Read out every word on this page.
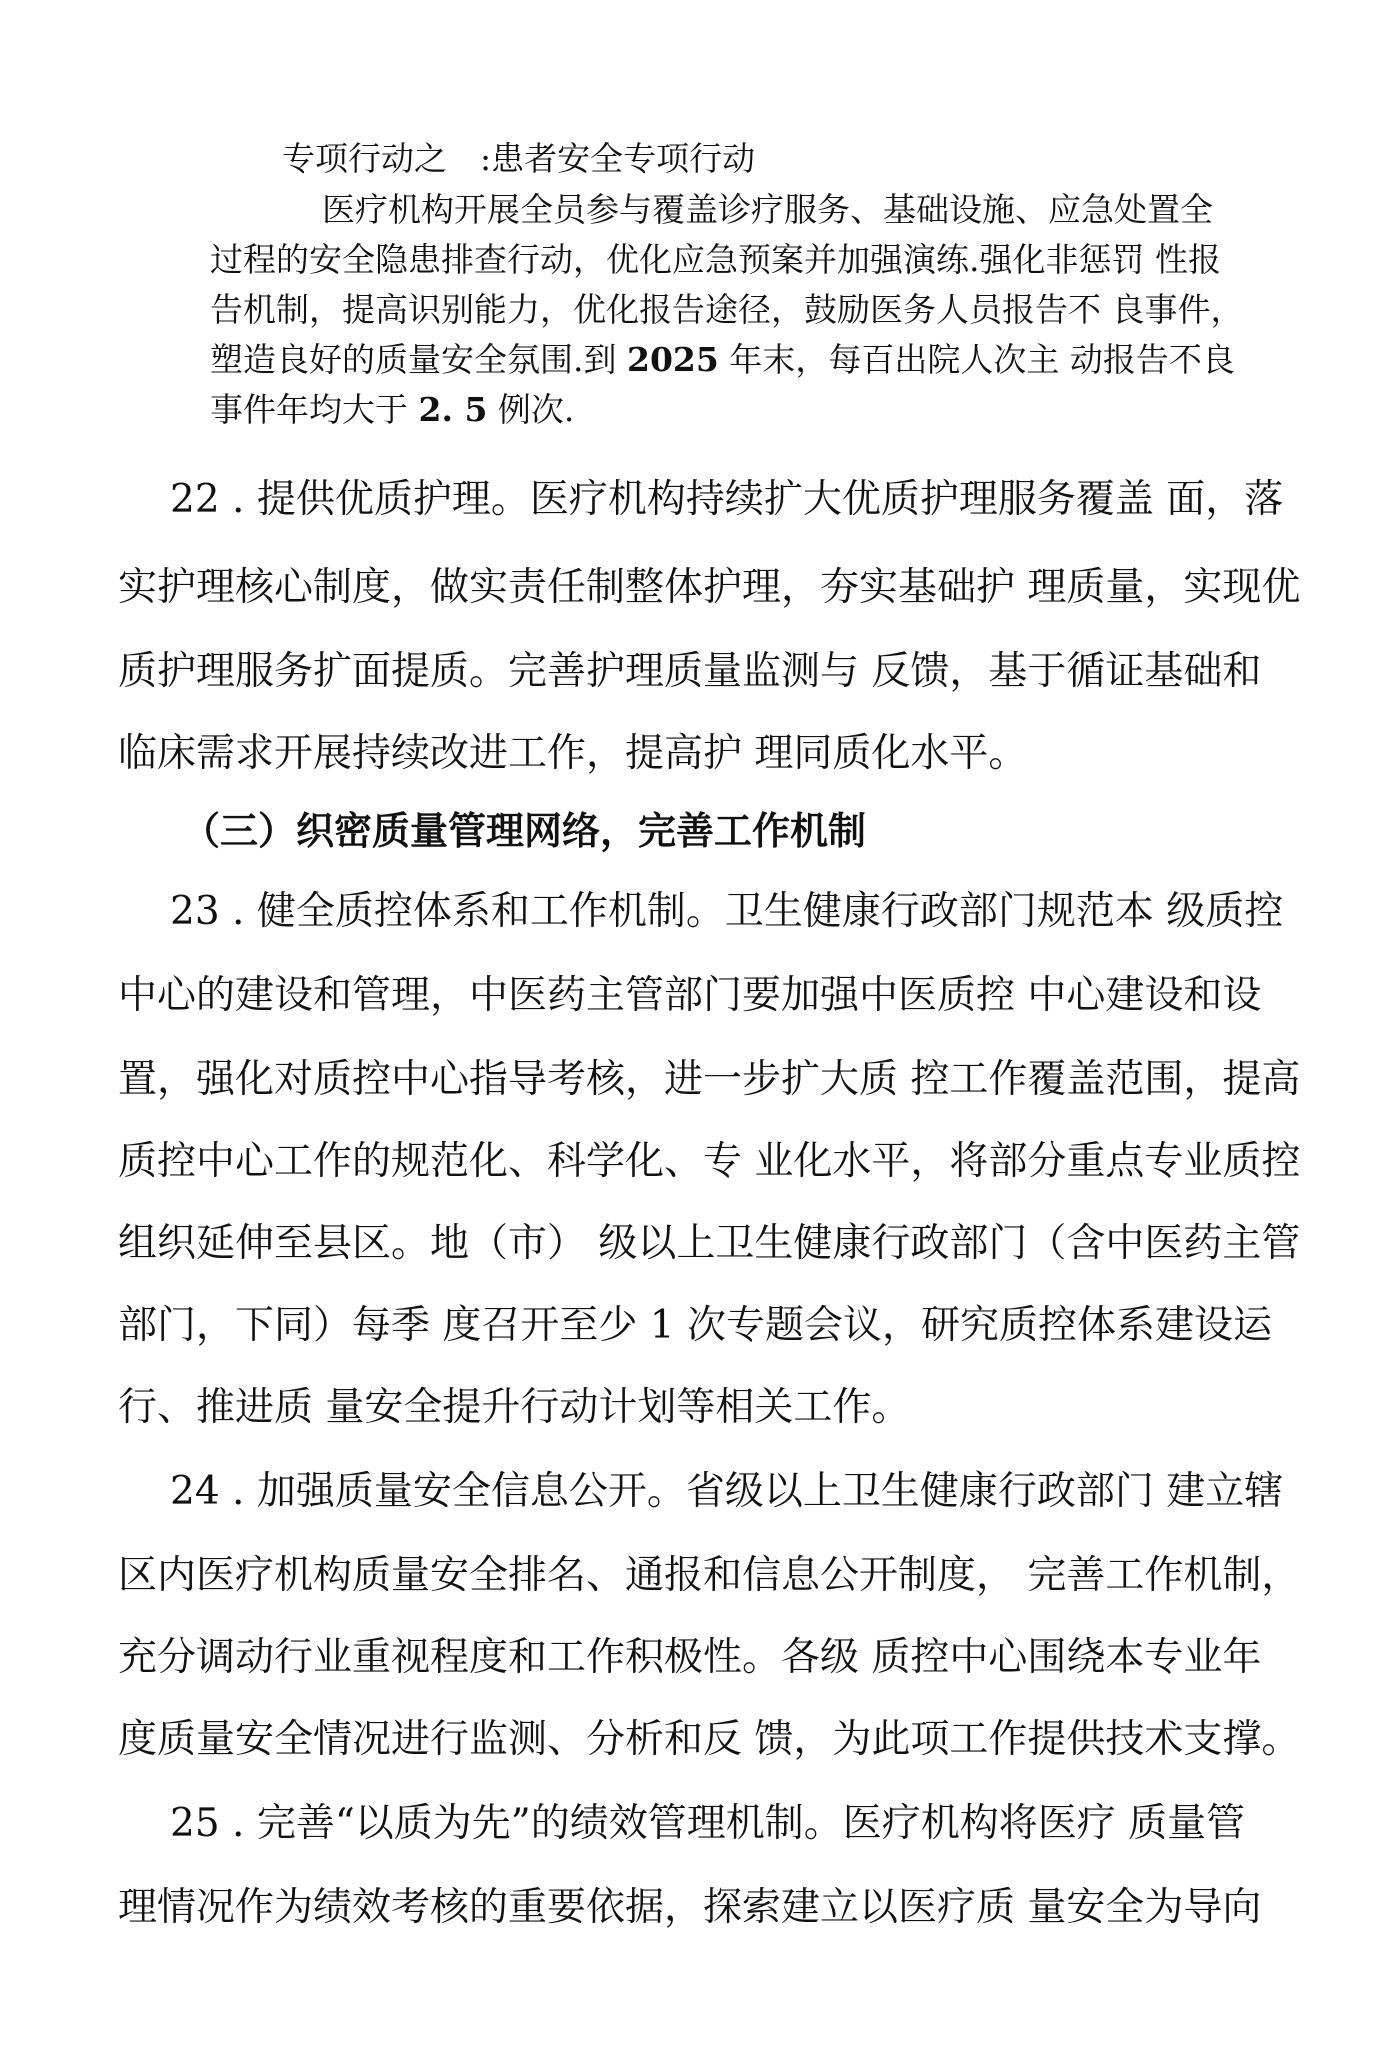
专项行动之　:患者安全专项行动
医疗机构开展全员参与覆盖诊疗服务、基础设施、应急处置全
过程的安全隐患排查行动，优化应急预案并加强演练.强化非惩罚 性报
告机制，提高识别能力，优化报告途径，鼓励医务人员报告不 良事件，
塑造良好的质量安全氛围.到 2025 年末，每百出院人次主 动报告不良
事件年均大于 2. 5 例次.
22 . 提供优质护理。医疗机构持续扩大优质护理服务覆盖 面，落
实护理核心制度，做实责任制整体护理，夯实基础护 理质量，实现优
质护理服务扩面提质。完善护理质量监测与 反馈，基于循证基础和
临床需求开展持续改进工作，提高护 理同质化水平。
（三）织密质量管理网络，完善工作机制
23 . 健全质控体系和工作机制。卫生健康行政部门规范本 级质控
中心的建设和管理，中医药主管部门要加强中医质控 中心建设和设
置，强化对质控中心指导考核，进一步扩大质 控工作覆盖范围，提高
质控中心工作的规范化、科学化、专 业化水平，将部分重点专业质控
组织延伸至县区。地（市） 级以上卫生健康行政部门（含中医药主管
部门，下同）每季 度召开至少 1 次专题会议，研究质控体系建设运
行、推进质 量安全提升行动计划等相关工作。
24 . 加强质量安全信息公开。省级以上卫生健康行政部门 建立辖
区内医疗机构质量安全排名、通报和信息公开制度， 完善工作机制，
充分调动行业重视程度和工作积极性。各级 质控中心围绕本专业年
度质量安全情况进行监测、分析和反 馈，为此项工作提供技术支撑。
25 . 完善“以质为先”的绩效管理机制。医疗机构将医疗 质量管
理情况作为绩效考核的重要依据，探索建立以医疗质 量安全为导向
